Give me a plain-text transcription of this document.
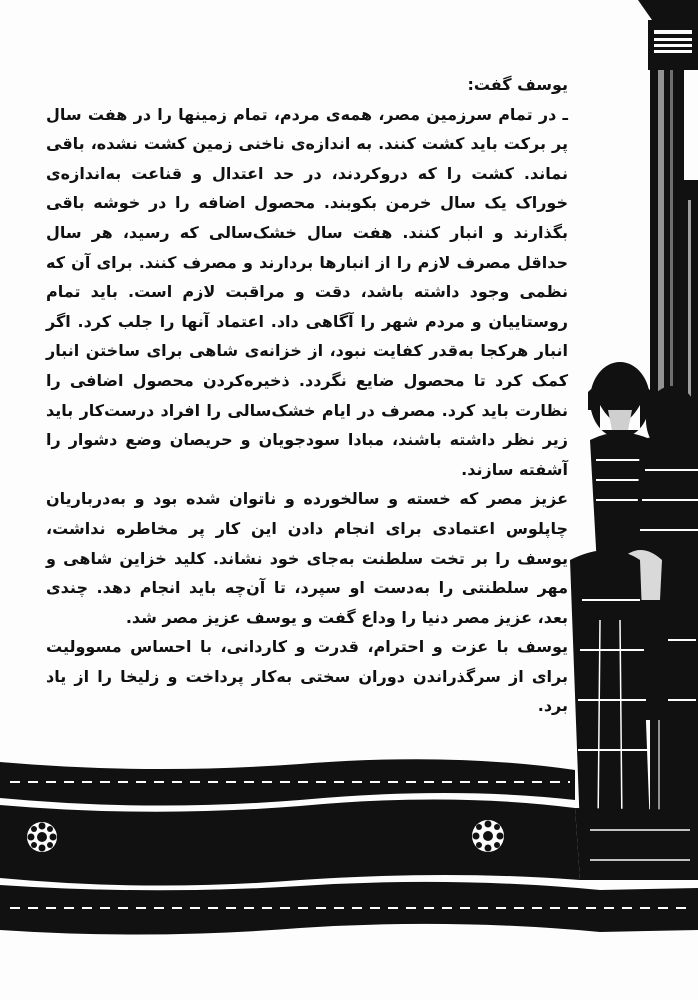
یوسف گفت:

ـ در تمام سرزمین مصر، همه‌ی مردم، تمام زمینها را در هفت سال پر برکت باید کشت کنند. به اندازه‌ی ناخنی زمین کشت نشده، باقی نماند. کشت را که دروکردند، در حد اعتدال و قناعت به‌اندازه‌ی خوراک یک سال خرمن بکوبند. محصول اضافه را در خوشه باقی بگذارند و انبار کنند. هفت سال خشک‌سالی که رسید، هر سال حداقل مصرف لازم را از انبارها بردارند و مصرف کنند. برای آن که نظمی وجود داشته باشد، دقت و مراقبت لازم است. باید تمام روستاییان و مردم شهر را آگاهی داد. اعتماد آنها را جلب کرد. اگر انبار هرکجا به‌قدر کفایت نبود، از خزانه‌ی شاهی برای ساختن انبار کمک کرد تا محصول ضایع نگردد. ذخیره‌کردن محصول اضافی را نظارت باید کرد. مصرف در ایام خشک‌سالی را افراد درست‌کار باید زیر نظر داشته باشند، مبادا سودجویان و حریصان وضع دشوار را آشفته سازند.

عزیز مصر که خسته و سالخورده و ناتوان شده بود و به‌درباریان چاپلوس اعتمادی برای انجام دادن این کار پر مخاطره نداشت، یوسف را بر تخت سلطنت به‌جای خود نشاند. کلید خزاین شاهی و مهر سلطنتی را به‌دست او سپرد، تا آن‌چه باید انجام دهد. چندی بعد، عزیز مصر دنیا را وداع گفت و یوسف عزیز مصر شد.

یوسف با عزت و احترام، قدرت و کاردانی، با احساس مسوولیت برای از سرگذراندن دوران سختی به‌کار پرداخت و زلیخا را از یاد برد.
